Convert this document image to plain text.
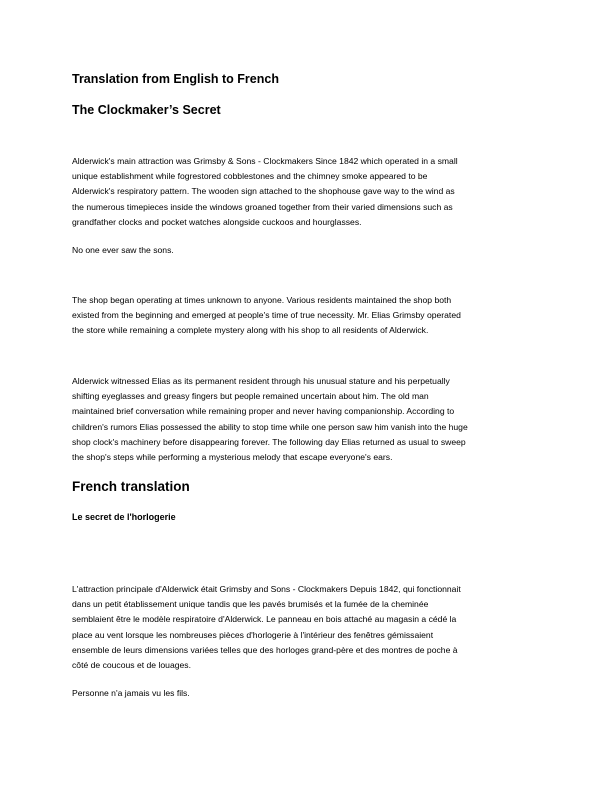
Translation from English to French
The Clockmaker’s Secret
Alderwick's main attraction was Grimsby & Sons - Clockmakers Since 1842 which operated in a small
unique establishment while fogrestored cobblestones and the chimney smoke appeared to be
Alderwick's respiratory pattern. The wooden sign attached to the shophouse gave way to the wind as
the numerous timepieces inside the windows groaned together from their varied dimensions such as
grandfather clocks and pocket watches alongside cuckoos and hourglasses.
No one ever saw the sons.
The shop began operating at times unknown to anyone. Various residents maintained the shop both
existed from the beginning and emerged at people's time of true necessity. Mr. Elias Grimsby operated
the store while remaining a complete mystery along with his shop to all residents of Alderwick.
Alderwick witnessed Elias as its permanent resident through his unusual stature and his perpetually
shifting eyeglasses and greasy fingers but people remained uncertain about him. The old man
maintained brief conversation while remaining proper and never having companionship. According to
children's rumors Elias possessed the ability to stop time while one person saw him vanish into the huge
shop clock's machinery before disappearing forever. The following day Elias returned as usual to sweep
the shop's steps while performing a mysterious melody that escape everyone's ears.
French translation
Le secret de l'horlogerie
L'attraction principale d'Alderwick était Grimsby and Sons - Clockmakers Depuis 1842, qui fonctionnait
dans un petit établissement unique tandis que les pavés brumisés et la fumée de la cheminée
semblaient être le modèle respiratoire d'Alderwick. Le panneau en bois attaché au magasin a cédé la
place au vent lorsque les nombreuses pièces d'horlogerie à l'intérieur des fenêtres gémissaient
ensemble de leurs dimensions variées telles que des horloges grand-père et des montres de poche à
côté de coucous et de louages.
Personne n'a jamais vu les fils.
